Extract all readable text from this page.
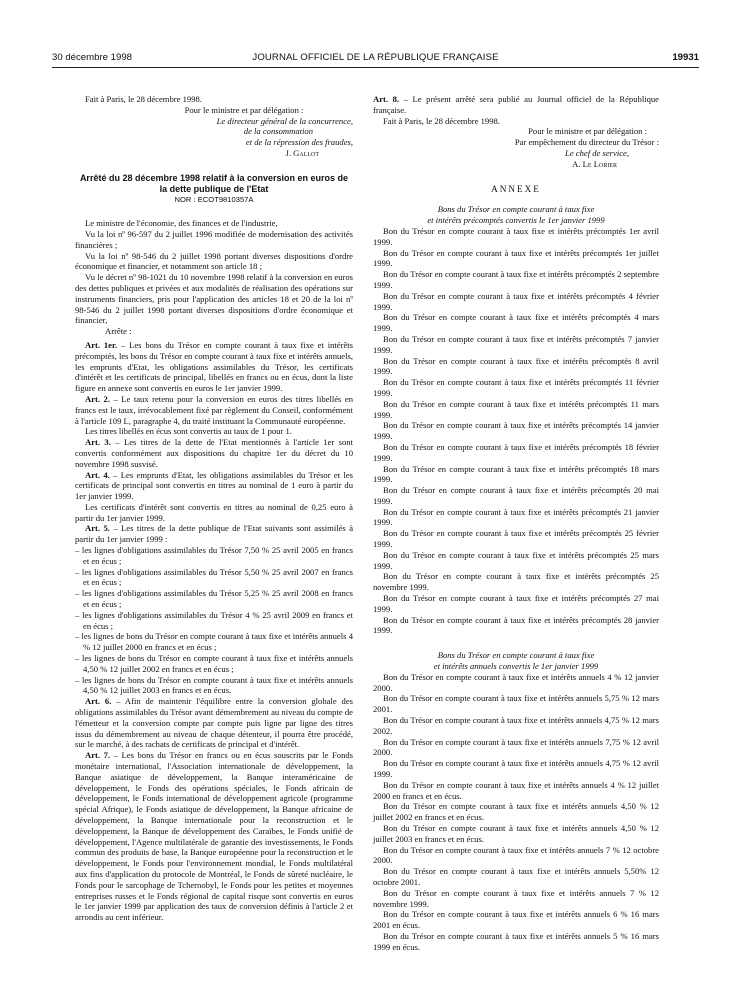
30 décembre 1998	JOURNAL OFFICIEL DE LA RÉPUBLIQUE FRANÇAISE	19931

Fait à Paris, le 28 décembre 1998.

Pour le ministre et par délégation :

Le directeur général de la concurrence,

de la consommation

et de la répression des fraudes,

J. Gallot

Arrêté du 28 décembre 1998 relatif à la conversion en euros de la dette publique de l'Etat
NOR : ECOT9810357A

Le ministre de l'économie, des finances et de l'industrie,

Vu la loi nº 96-597 du 2 juillet 1996 modifiée de modernisation des activités financières ;

Vu la loi nº 98-546 du 2 juillet 1998 portant diverses dispositions d'ordre économique et financier, et notamment son article 18 ;

Vu le décret nº 98-1021 du 10 novembre 1998 relatif à la conversion en euros des dettes publiques et privées et aux modalités de réalisation des opérations sur instruments financiers, pris pour l'application des articles 18 et 20 de la loi nº 98-546 du 2 juillet 1998 portant diverses dispositions d'ordre économique et financier,

Arrête :

Art. 1er. – Les bons du Trésor en compte courant à taux fixe et intérêts précomptés, les bons du Trésor en compte courant à taux fixe et intérêts annuels, les emprunts d'Etat, les obligations assimilables du Trésor, les certificats d'intérêt et les certificats de principal, libellés en francs ou en écus, dont la liste figure en annexe sont convertis en euros le 1er janvier 1999.

Art. 2. – Le taux retenu pour la conversion en euros des titres libellés en francs est le taux, irrévocablement fixé par règlement du Conseil, conformément à l'article 109 L, paragraphe 4, du traité instituant la Communauté européenne.

Les titres libellés en écus sont convertis au taux de 1 pour 1.

Art. 3. – Les titres de la dette de l'Etat mentionnés à l'article 1er sont convertis conformément aux dispositions du chapitre 1er du décret du 10 novembre 1998 susvisé.

Art. 4. – Les emprunts d'Etat, les obligations assimilables du Trésor et les certificats de principal sont convertis en titres au nominal de 1 euro à partir du 1er janvier 1999.

Les certificats d'intérêt sont convertis en titres au nominal de 0,25 euro à partir du 1er janvier 1999.

Art. 5. – Les titres de la dette publique de l'Etat suivants sont assimilés à partir du 1er janvier 1999 :

– les lignes d'obligations assimilables du Trésor 7,50 % 25 avril 2005 en francs et en écus ;

– les lignes d'obligations assimilables du Trésor 5,50 % 25 avril 2007 en francs et en écus ;

– les lignes d'obligations assimilables du Trésor 5,25 % 25 avril 2008 en francs et en écus ;

– les lignes d'obligations assimilables du Trésor 4 % 25 avril 2009 en francs et en écus ;

– les lignes de bons du Trésor en compte courant à taux fixe et intérêts annuels 4 % 12 juillet 2000 en francs et en écus ;

– les lignes de bons du Trésor en compte courant à taux fixe et intérêts annuels 4,50 % 12 juillet 2002 en francs et en écus ;

– les lignes de bons du Trésor en compte courant à taux fixe et intérêts annuels 4,50 % 12 juillet 2003 en francs et en écus.

Art. 6. – Afin de maintenir l'équilibre entre la conversion globale des obligations assimilables du Trésor avant démembrement au niveau du compte de l'émetteur et la conversion compte par compte puis ligne par ligne des titres issus du démembrement au niveau de chaque détenteur, il pourra être procédé, sur le marché, à des rachats de certificats de principal et d'intérêt.

Art. 7. – Les bons du Trésor en francs ou en écus souscrits par le Fonds monétaire international, l'Association internationale de développement, la Banque asiatique de développement, la Banque interaméricaine de développement, le Fonds des opérations spéciales, le Fonds africain de développement, le Fonds international de développement agricole (programme spécial Afrique), le Fonds asiatique de développement, la Banque africaine de développement, la Banque internationale pour la reconstruction et le développement, la Banque de développement des Caraïbes, le Fonds unifié de développement, l'Agence multilatérale de garantie des investissements, le Fonds commun des produits de base, la Banque européenne pour la reconstruction et le développement, le Fonds pour l'environnement mondial, le Fonds multilatéral aux fins d'application du protocole de Montréal, le Fonds de sûreté nucléaire, le Fonds pour le sarcophage de Tchernobyl, le Fonds pour les petites et moyennes entreprises russes et le Fonds régional de capital risque sont convertis en euros le 1er janvier 1999 par application des taux de conversion définis à l'article 2 et arrondis au cent inférieur.

Art. 8. – Le présent arrêté sera publié au Journal officiel de la République française.

Fait à Paris, le 28 décembre 1998.

Pour le ministre et par délégation :

Par empêchement du directeur du Trésor :

Le chef de service,

A. Le Lorier

ANNEXE

Bons du Trésor en compte courant à taux fixe
et intérêts précomptés convertis le 1er janvier 1999

Bon du Trésor en compte courant à taux fixe et intérêts précomptés 1er avril 1999.

Bon du Trésor en compte courant à taux fixe et intérêts précomptés 1er juillet 1999.

Bon du Trésor en compte courant à taux fixe et intérêts précomptés 2 septembre 1999.

Bon du Trésor en compte courant à taux fixe et intérêts précomptés 4 février 1999.

Bon du Trésor en compte courant à taux fixe et intérêts précomptés 4 mars 1999.

Bon du Trésor en compte courant à taux fixe et intérêts précomptés 7 janvier 1999.

Bon du Trésor en compte courant à taux fixe et intérêts précomptés 8 avril 1999.

Bon du Trésor en compte courant à taux fixe et intérêts précomptés 11 février 1999.

Bon du Trésor en compte courant à taux fixe et intérêts précomptés 11 mars 1999.

Bon du Trésor en compte courant à taux fixe et intérêts précomptés 14 janvier 1999.

Bon du Trésor en compte courant à taux fixe et intérêts précomptés 18 février 1999.

Bon du Trésor en compte courant à taux fixe et intérêts précomptés 18 mars 1999.

Bon du Trésor en compte courant à taux fixe et intérêts précomptés 20 mai 1999.

Bon du Trésor en compte courant à taux fixe et intérêts précomptés 21 janvier 1999.

Bon du Trésor en compte courant à taux fixe et intérêts précomptés 25 février 1999.

Bon du Trésor en compte courant à taux fixe et intérêts précomptés 25 mars 1999.

Bon du Trésor en compte courant à taux fixe et intérêts précomptés 25 novembre 1999.

Bon du Trésor en compte courant à taux fixe et intérêts précomptés 27 mai 1999.

Bon du Trésor en compte courant à taux fixe et intérêts précomptés 28 janvier 1999.

Bons du Trésor en compte courant à taux fixe
et intérêts annuels convertis le 1er janvier 1999

Bon du Trésor en compte courant à taux fixe et intérêts annuels 4 % 12 janvier 2000.

Bon du Trésor en compte courant à taux fixe et intérêts annuels 5,75 % 12 mars 2001.

Bon du Trésor en compte courant à taux fixe et intérêts annuels 4,75 % 12 mars 2002.

Bon du Trésor en compte courant à taux fixe et intérêts annuels 7,75 % 12 avril 2000.

Bon du Trésor en compte courant à taux fixe et intérêts annuels 4,75 % 12 avril 1999.

Bon du Trésor en compte courant à taux fixe et intérêts annuels 4 % 12 juillet 2000 en francs et en écus.

Bon du Trésor en compte courant à taux fixe et intérêts annuels 4,50 % 12 juillet 2002 en francs et en écus.

Bon du Trésor en compte courant à taux fixe et intérêts annuels 4,50 % 12 juillet 2003 en francs et en écus.

Bon du Trésor en compte courant à taux fixe et intérêts annuels 7 % 12 octobre 2000.

Bon du Trésor en compte courant à taux fixe et intérêts annuels 5,50% 12 octobre 2001.

Bon du Trésor en compte courant à taux fixe et intérêts annuels 7 % 12 novembre 1999.

Bon du Trésor en compte courant à taux fixe et intérêts annuels 6 % 16 mars 2001 en écus.

Bon du Trésor en compte courant à taux fixe et intérêts annuels 5 % 16 mars 1999 en écus.
